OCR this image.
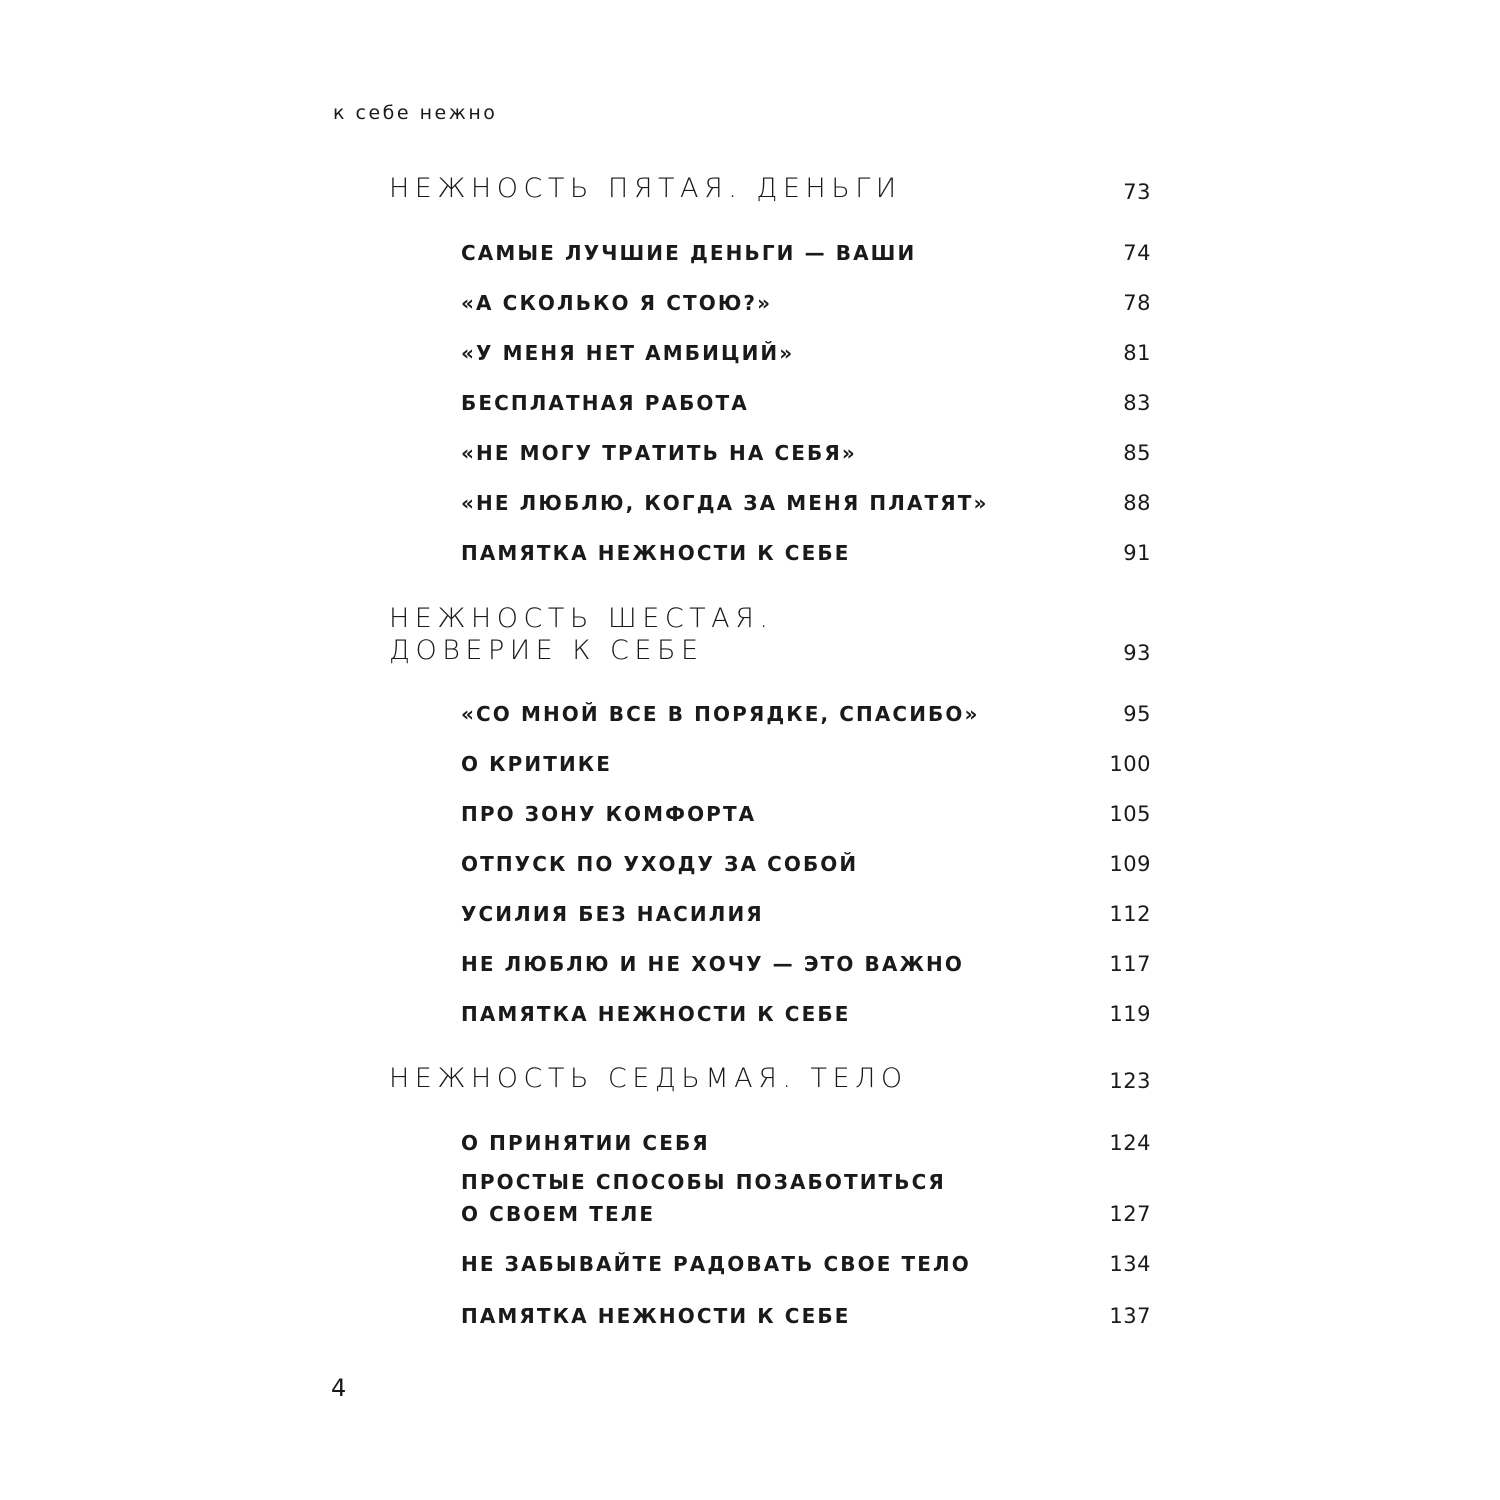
к себе нежно
НЕЖНОСТЬ ПЯТАЯ. ДЕНЬГИ	73
САМЫЕ ЛУЧШИЕ ДЕНЬГИ — ВАШИ	74
«А СКОЛЬКО Я СТОЮ?»	78
«У МЕНЯ НЕТ АМБИЦИЙ»	81
БЕСПЛАТНАЯ РАБОТА	83
«НЕ МОГУ ТРАТИТЬ НА СЕБЯ»	85
«НЕ ЛЮБЛЮ, КОГДА ЗА МЕНЯ ПЛАТЯТ»	88
ПАМЯТКА НЕЖНОСТИ К СЕБЕ	91
НЕЖНОСТЬ ШЕСТАЯ.
ДОВЕРИЕ К СЕБЕ	93
«СО МНОЙ ВСЕ В ПОРЯДКЕ, СПАСИБО»	95
О КРИТИКЕ	100
ПРО ЗОНУ КОМФОРТА	105
ОТПУСК ПО УХОДУ ЗА СОБОЙ	109
УСИЛИЯ БЕЗ НАСИЛИЯ	112
НЕ ЛЮБЛЮ И НЕ ХОЧУ — ЭТО ВАЖНО	117
ПАМЯТКА НЕЖНОСТИ К СЕБЕ	119
НЕЖНОСТЬ СЕДЬМАЯ. ТЕЛО	123
О ПРИНЯТИИ СЕБЯ	124
ПРОСТЫЕ СПОСОБЫ ПОЗАБОТИТЬСЯ
О СВОЕМ ТЕЛЕ	127
НЕ ЗАБЫВАЙТЕ РАДОВАТЬ СВОЕ ТЕЛО	134
ПАМЯТКА НЕЖНОСТИ К СЕБЕ	137
4
